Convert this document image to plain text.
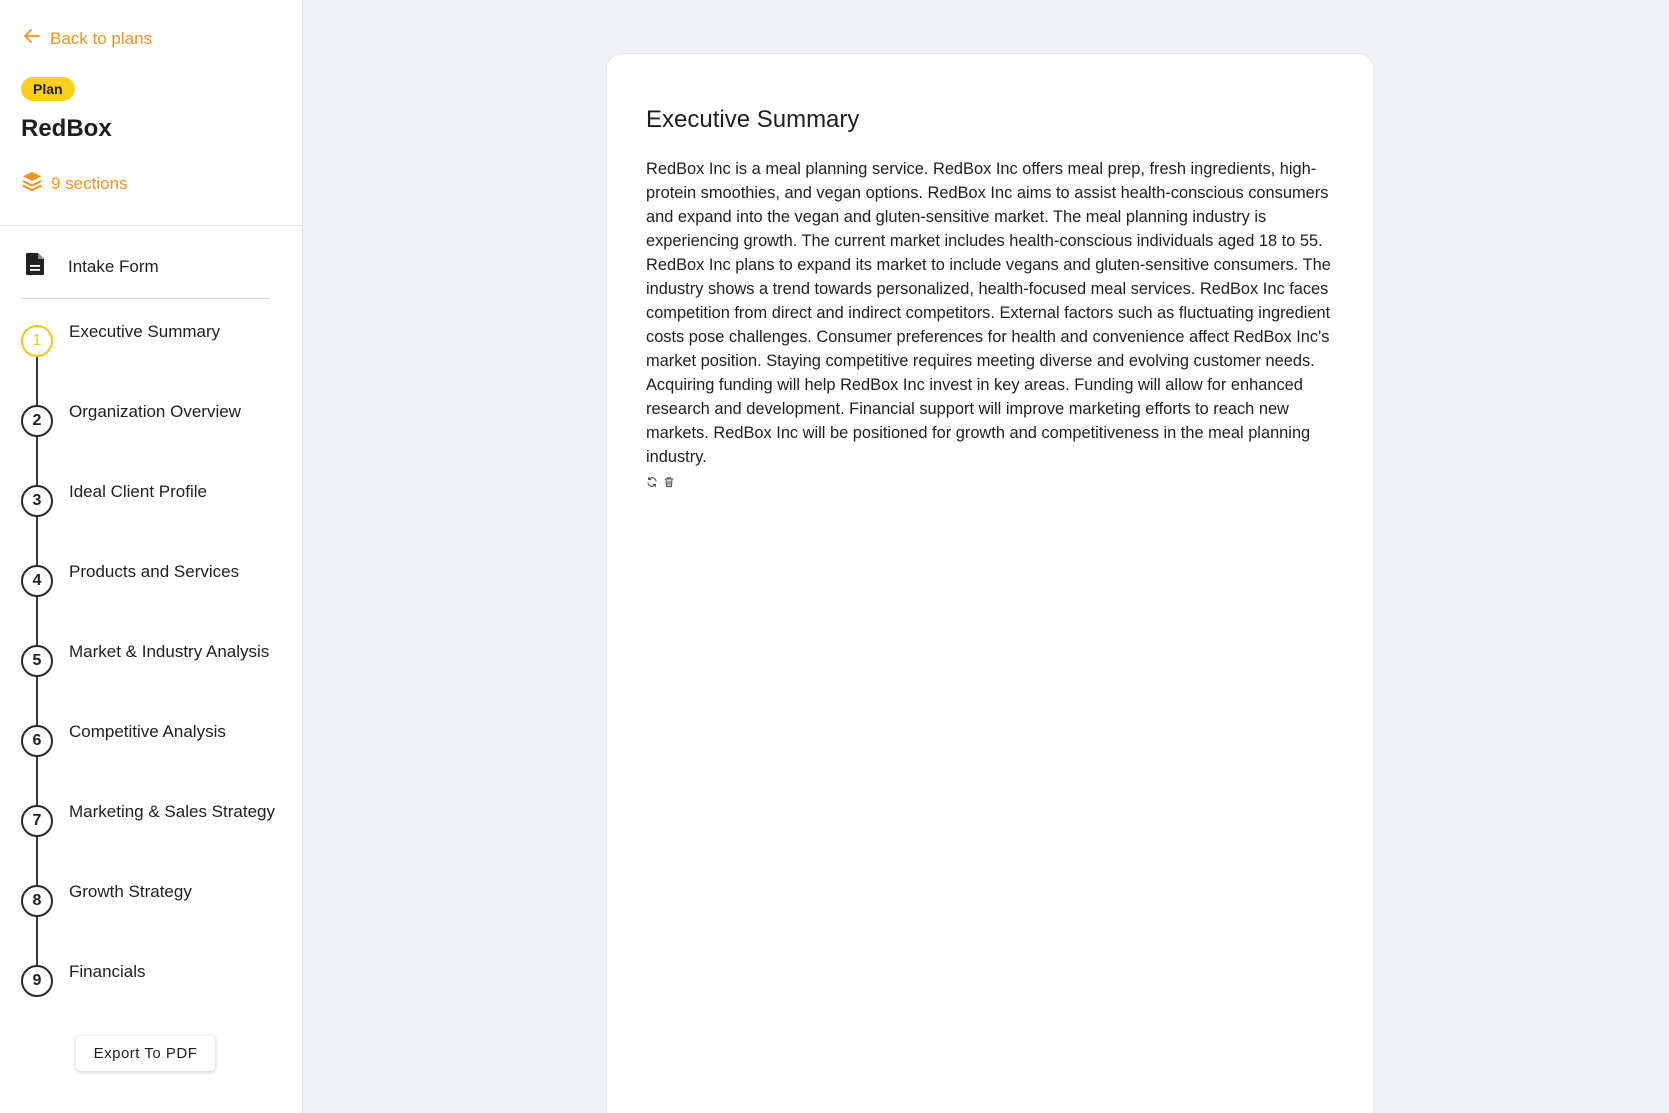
Back to plans
Plan
RedBox
9 sections
Intake Form
1	Executive Summary
2	Organization Overview
3	Ideal Client Profile
4	Products and Services
5	Market & Industry Analysis
6	Competitive Analysis
7	Marketing & Sales Strategy
8	Growth Strategy
9	Financials
Export To PDF
Executive Summary

RedBox Inc is a meal planning service. RedBox Inc offers meal prep, fresh ingredients, high-protein smoothies, and vegan options. RedBox Inc aims to assist health-conscious consumers and expand into the vegan and gluten-sensitive market. The meal planning industry is experiencing growth. The current market includes health-conscious individuals aged 18 to 55. RedBox Inc plans to expand its market to include vegans and gluten-sensitive consumers. The industry shows a trend towards personalized, health-focused meal services. RedBox Inc faces competition from direct and indirect competitors. External factors such as fluctuating ingredient costs pose challenges. Consumer preferences for health and convenience affect RedBox Inc's market position. Staying competitive requires meeting diverse and evolving customer needs. Acquiring funding will help RedBox Inc invest in key areas. Funding will allow for enhanced research and development. Financial support will improve marketing efforts to reach new markets. RedBox Inc will be positioned for growth and competitiveness in the meal planning industry.
